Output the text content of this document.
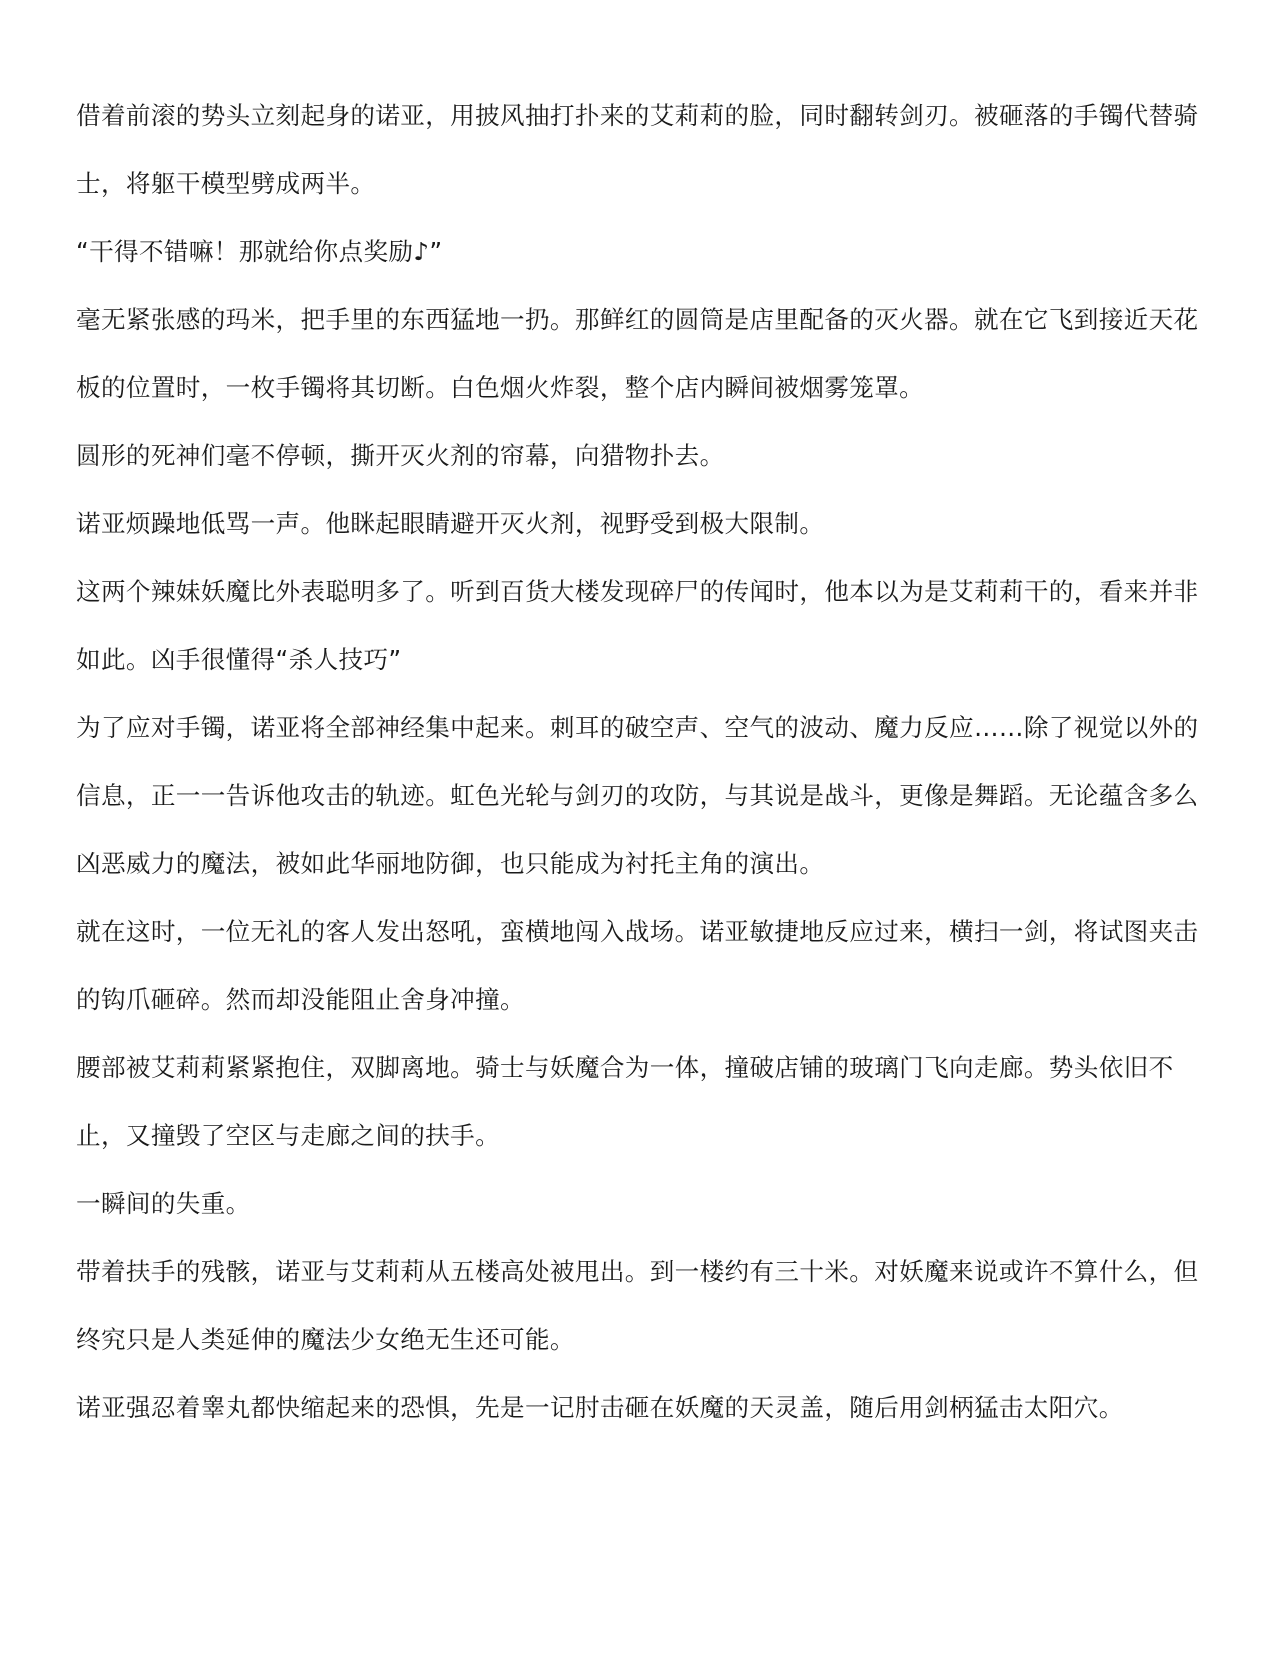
借着前滚的势头立刻起身的诺亚，用披风抽打扑来的艾莉莉的脸，同时翻转剑刃。被砸落的手镯代替骑士，将躯干模型劈成两半。

“干得不错嘛！那就给你点奖励♪”

毫无紧张感的玛米，把手里的东西猛地一扔。那鲜红的圆筒是店里配备的灭火器。就在它飞到接近天花板的位置时，一枚手镯将其切断。白色烟火炸裂，整个店内瞬间被烟雾笼罩。

圆形的死神们毫不停顿，撕开灭火剂的帘幕，向猎物扑去。

诺亚烦躁地低骂一声。他眯起眼睛避开灭火剂，视野受到极大限制。

这两个辣妹妖魔比外表聪明多了。听到百货大楼发现碎尸的传闻时，他本以为是艾莉莉干的，看来并非如此。凶手很懂得“杀人技巧”

为了应对手镯，诺亚将全部神经集中起来。刺耳的破空声、空气的波动、魔力反应……除了视觉以外的信息，正一一告诉他攻击的轨迹。虹色光轮与剑刃的攻防，与其说是战斗，更像是舞蹈。无论蕴含多么凶恶威力的魔法，被如此华丽地防御，也只能成为衬托主角的演出。

就在这时，一位无礼的客人发出怒吼，蛮横地闯入战场。诺亚敏捷地反应过来，横扫一剑，将试图夹击的钩爪砸碎。然而却没能阻止舍身冲撞。

腰部被艾莉莉紧紧抱住，双脚离地。骑士与妖魔合为一体，撞破店铺的玻璃门飞向走廊。势头依旧不止，又撞毁了空区与走廊之间的扶手。

一瞬间的失重。

带着扶手的残骸，诺亚与艾莉莉从五楼高处被甩出。到一楼约有三十米。对妖魔来说或许不算什么，但终究只是人类延伸的魔法少女绝无生还可能。

诺亚强忍着睾丸都快缩起来的恐惧，先是一记肘击砸在妖魔的天灵盖，随后用剑柄猛击太阳穴。
